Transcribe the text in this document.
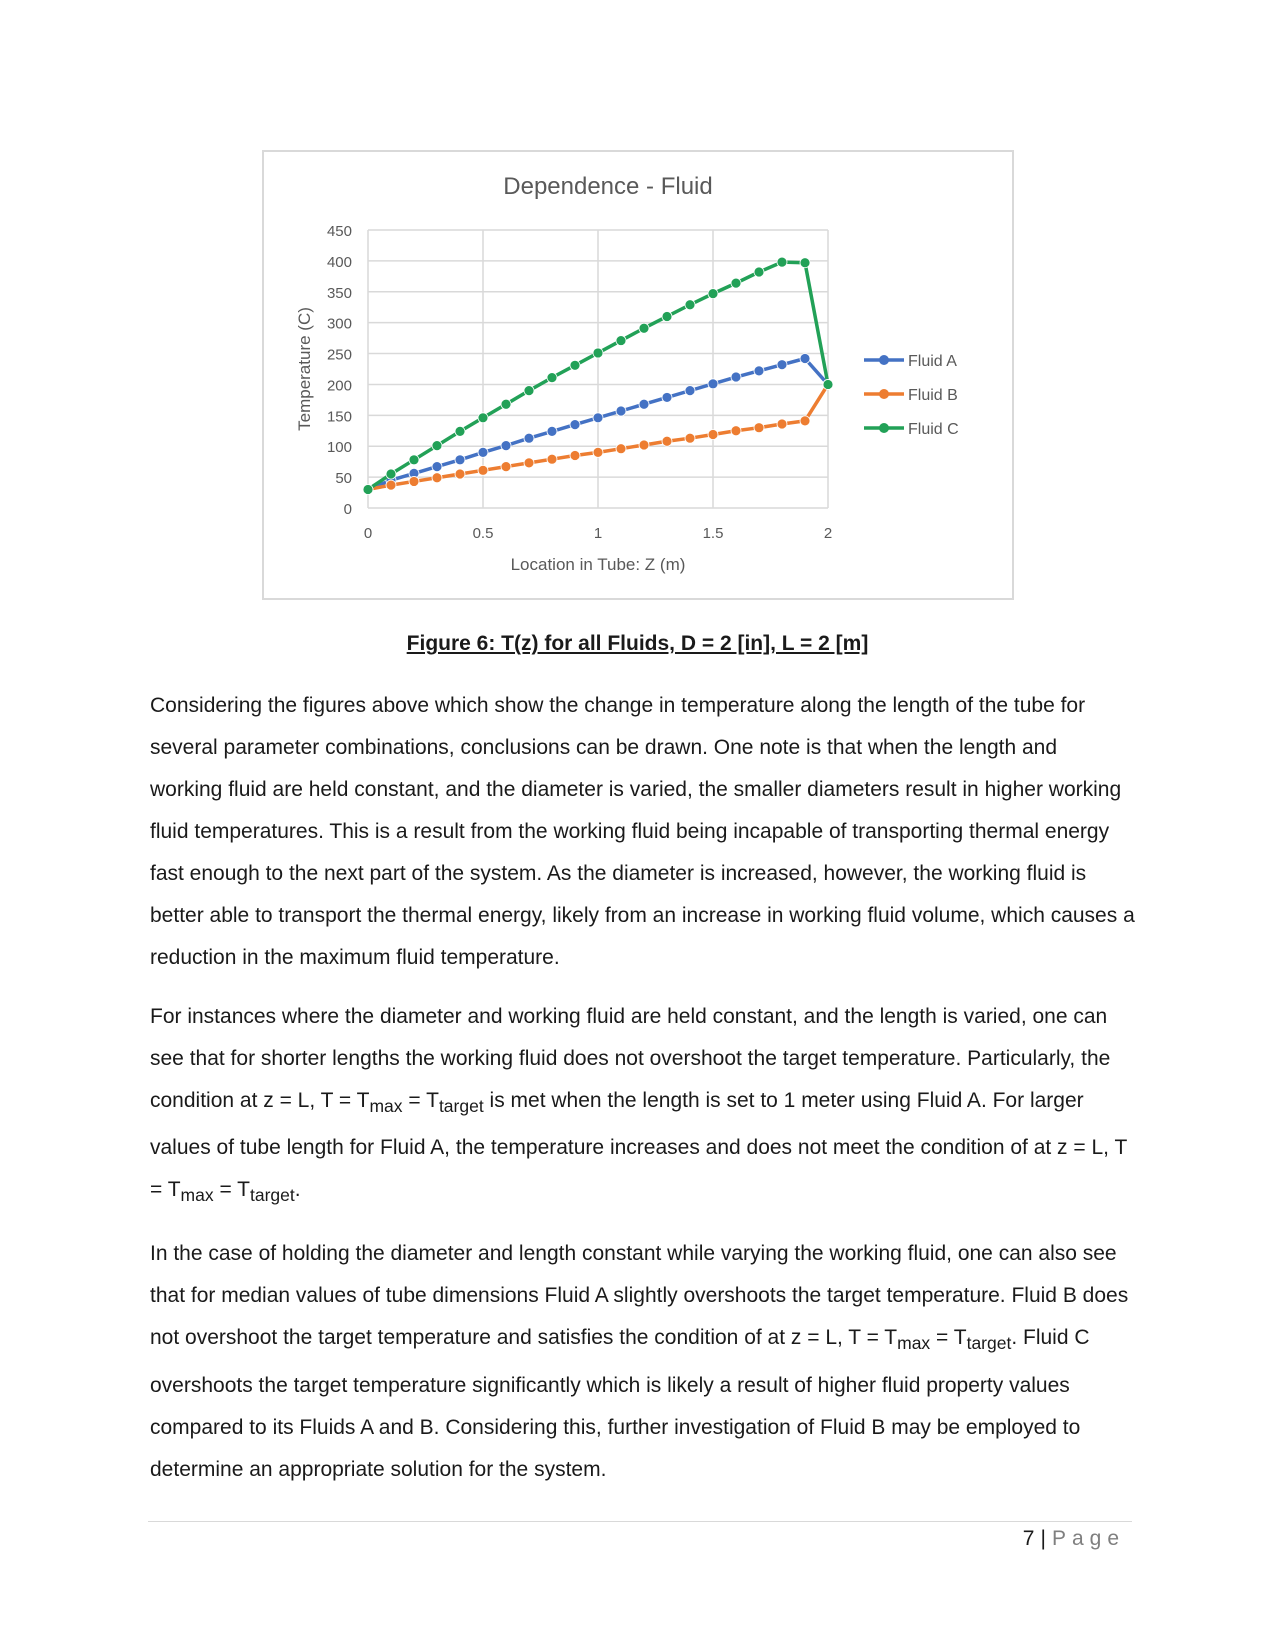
Dependence - Fluid
0
50
100
150
200
250
300
350
400
450
0	0.5	1	1.5	2
Location in Tube: Z (m)
Temperature (C)	Fluid A
Fluid B
Fluid C
Figure 6: T(z) for all Fluids, D = 2 [in], L = 2 [m]

Considering the figures above which show the change in temperature along the length of the tube for several parameter combinations, conclusions can be drawn. One note is that when the length and working fluid are held constant, and the diameter is varied, the smaller diameters result in higher working fluid temperatures. This is a result from the working fluid being incapable of transporting thermal energy fast enough to the next part of the system. As the diameter is increased, however, the working fluid is better able to transport the thermal energy, likely from an increase in working fluid volume, which causes a reduction in the maximum fluid temperature.

For instances where the diameter and working fluid are held constant, and the length is varied, one can see that for shorter lengths the working fluid does not overshoot the target temperature. Particularly, the condition at z = L, $T = T_{max} = T_{target}$ is met when the length is set to 1 meter using Fluid A. For larger values of tube length for Fluid A, the temperature increases and does not meet the condition of at z = L, $T = T_{max} = T_{target}$.

In the case of holding the diameter and length constant while varying the working fluid, one can also see that for median values of tube dimensions Fluid A slightly overshoots the target temperature. Fluid B does not overshoot the target temperature and satisfies the condition of at z = L, $T = T_{max} = T_{target}$. Fluid C overshoots the target temperature significantly which is likely a result of higher fluid property values compared to its Fluids A and B. Considering this, further investigation of Fluid B may be employed to determine an appropriate solution for the system.

7 | Page
